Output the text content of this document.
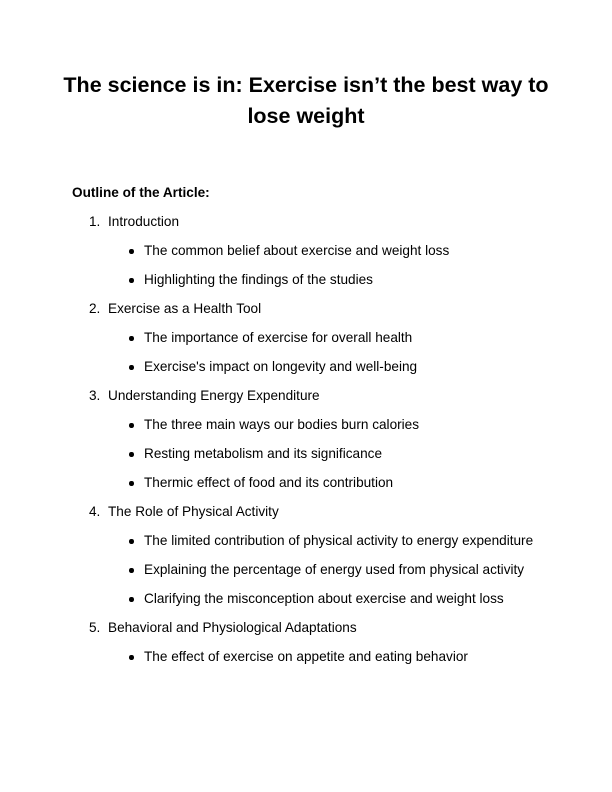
The science is in: Exercise isn’t the best way to lose weight

Outline of the Article:

1. Introduction
The common belief about exercise and weight loss
Highlighting the findings of the studies
2. Exercise as a Health Tool
The importance of exercise for overall health
Exercise's impact on longevity and well-being
3. Understanding Energy Expenditure
The three main ways our bodies burn calories
Resting metabolism and its significance
Thermic effect of food and its contribution
4. The Role of Physical Activity
The limited contribution of physical activity to energy expenditure
Explaining the percentage of energy used from physical activity
Clarifying the misconception about exercise and weight loss
5. Behavioral and Physiological Adaptations
The effect of exercise on appetite and eating behavior
